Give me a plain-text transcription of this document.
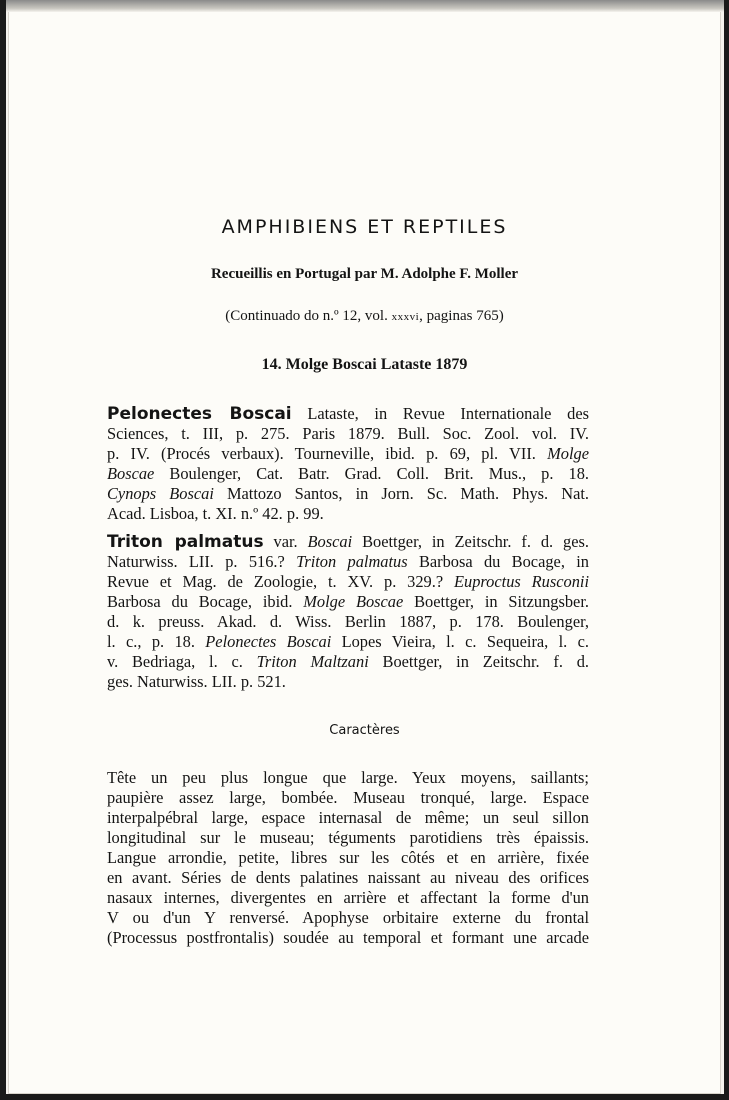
AMPHIBIENS ET REPTILES
Recueillis en Portugal par M. Adolphe F. Moller
(Continuado do n.º 12, vol. xxxvi, paginas 765)
14. Molge Boscai Lataste 1879
Pelonectes Boscai Lataste, in Revue Internationale des
Sciences, t. III, p. 275. Paris 1879. Bull. Soc. Zool. vol. IV.
p. IV. (Procés verbaux). Tourneville, ibid. p. 69, pl. VII. Molge
Boscae Boulenger, Cat. Batr. Grad. Coll. Brit. Mus., p. 18.
Cynops Boscai Mattozo Santos, in Jorn. Sc. Math. Phys. Nat.
Acad. Lisboa, t. XI. n.º 42. p. 99.
Triton palmatus var. Boscai Boettger, in Zeitschr. f. d. ges.
Naturwiss. LII. p. 516.? Triton palmatus Barbosa du Bocage, in
Revue et Mag. de Zoologie, t. XV. p. 329.? Euproctus Rusconii
Barbosa du Bocage, ibid. Molge Boscae Boettger, in Sitzungsber.
d. k. preuss. Akad. d. Wiss. Berlin 1887, p. 178. Boulenger,
l. c., p. 18. Pelonectes Boscai Lopes Vieira, l. c. Sequeira, l. c.
v. Bedriaga, l. c. Triton Maltzani Boettger, in Zeitschr. f. d.
ges. Naturwiss. LII. p. 521.
Caractères
Tête un peu plus longue que large. Yeux moyens, saillants;
paupière assez large, bombée. Museau tronqué, large. Espace
interpalpébral large, espace internasal de même; un seul sillon
longitudinal sur le museau; téguments parotidiens très épaissis.
Langue arrondie, petite, libres sur les côtés et en arrière, fixée
en avant. Séries de dents palatines naissant au niveau des orifices
nasaux internes, divergentes en arrière et affectant la forme d'un
V ou d'un Y renversé. Apophyse orbitaire externe du frontal
(Processus postfrontalis) soudée au temporal et formant une arcade
